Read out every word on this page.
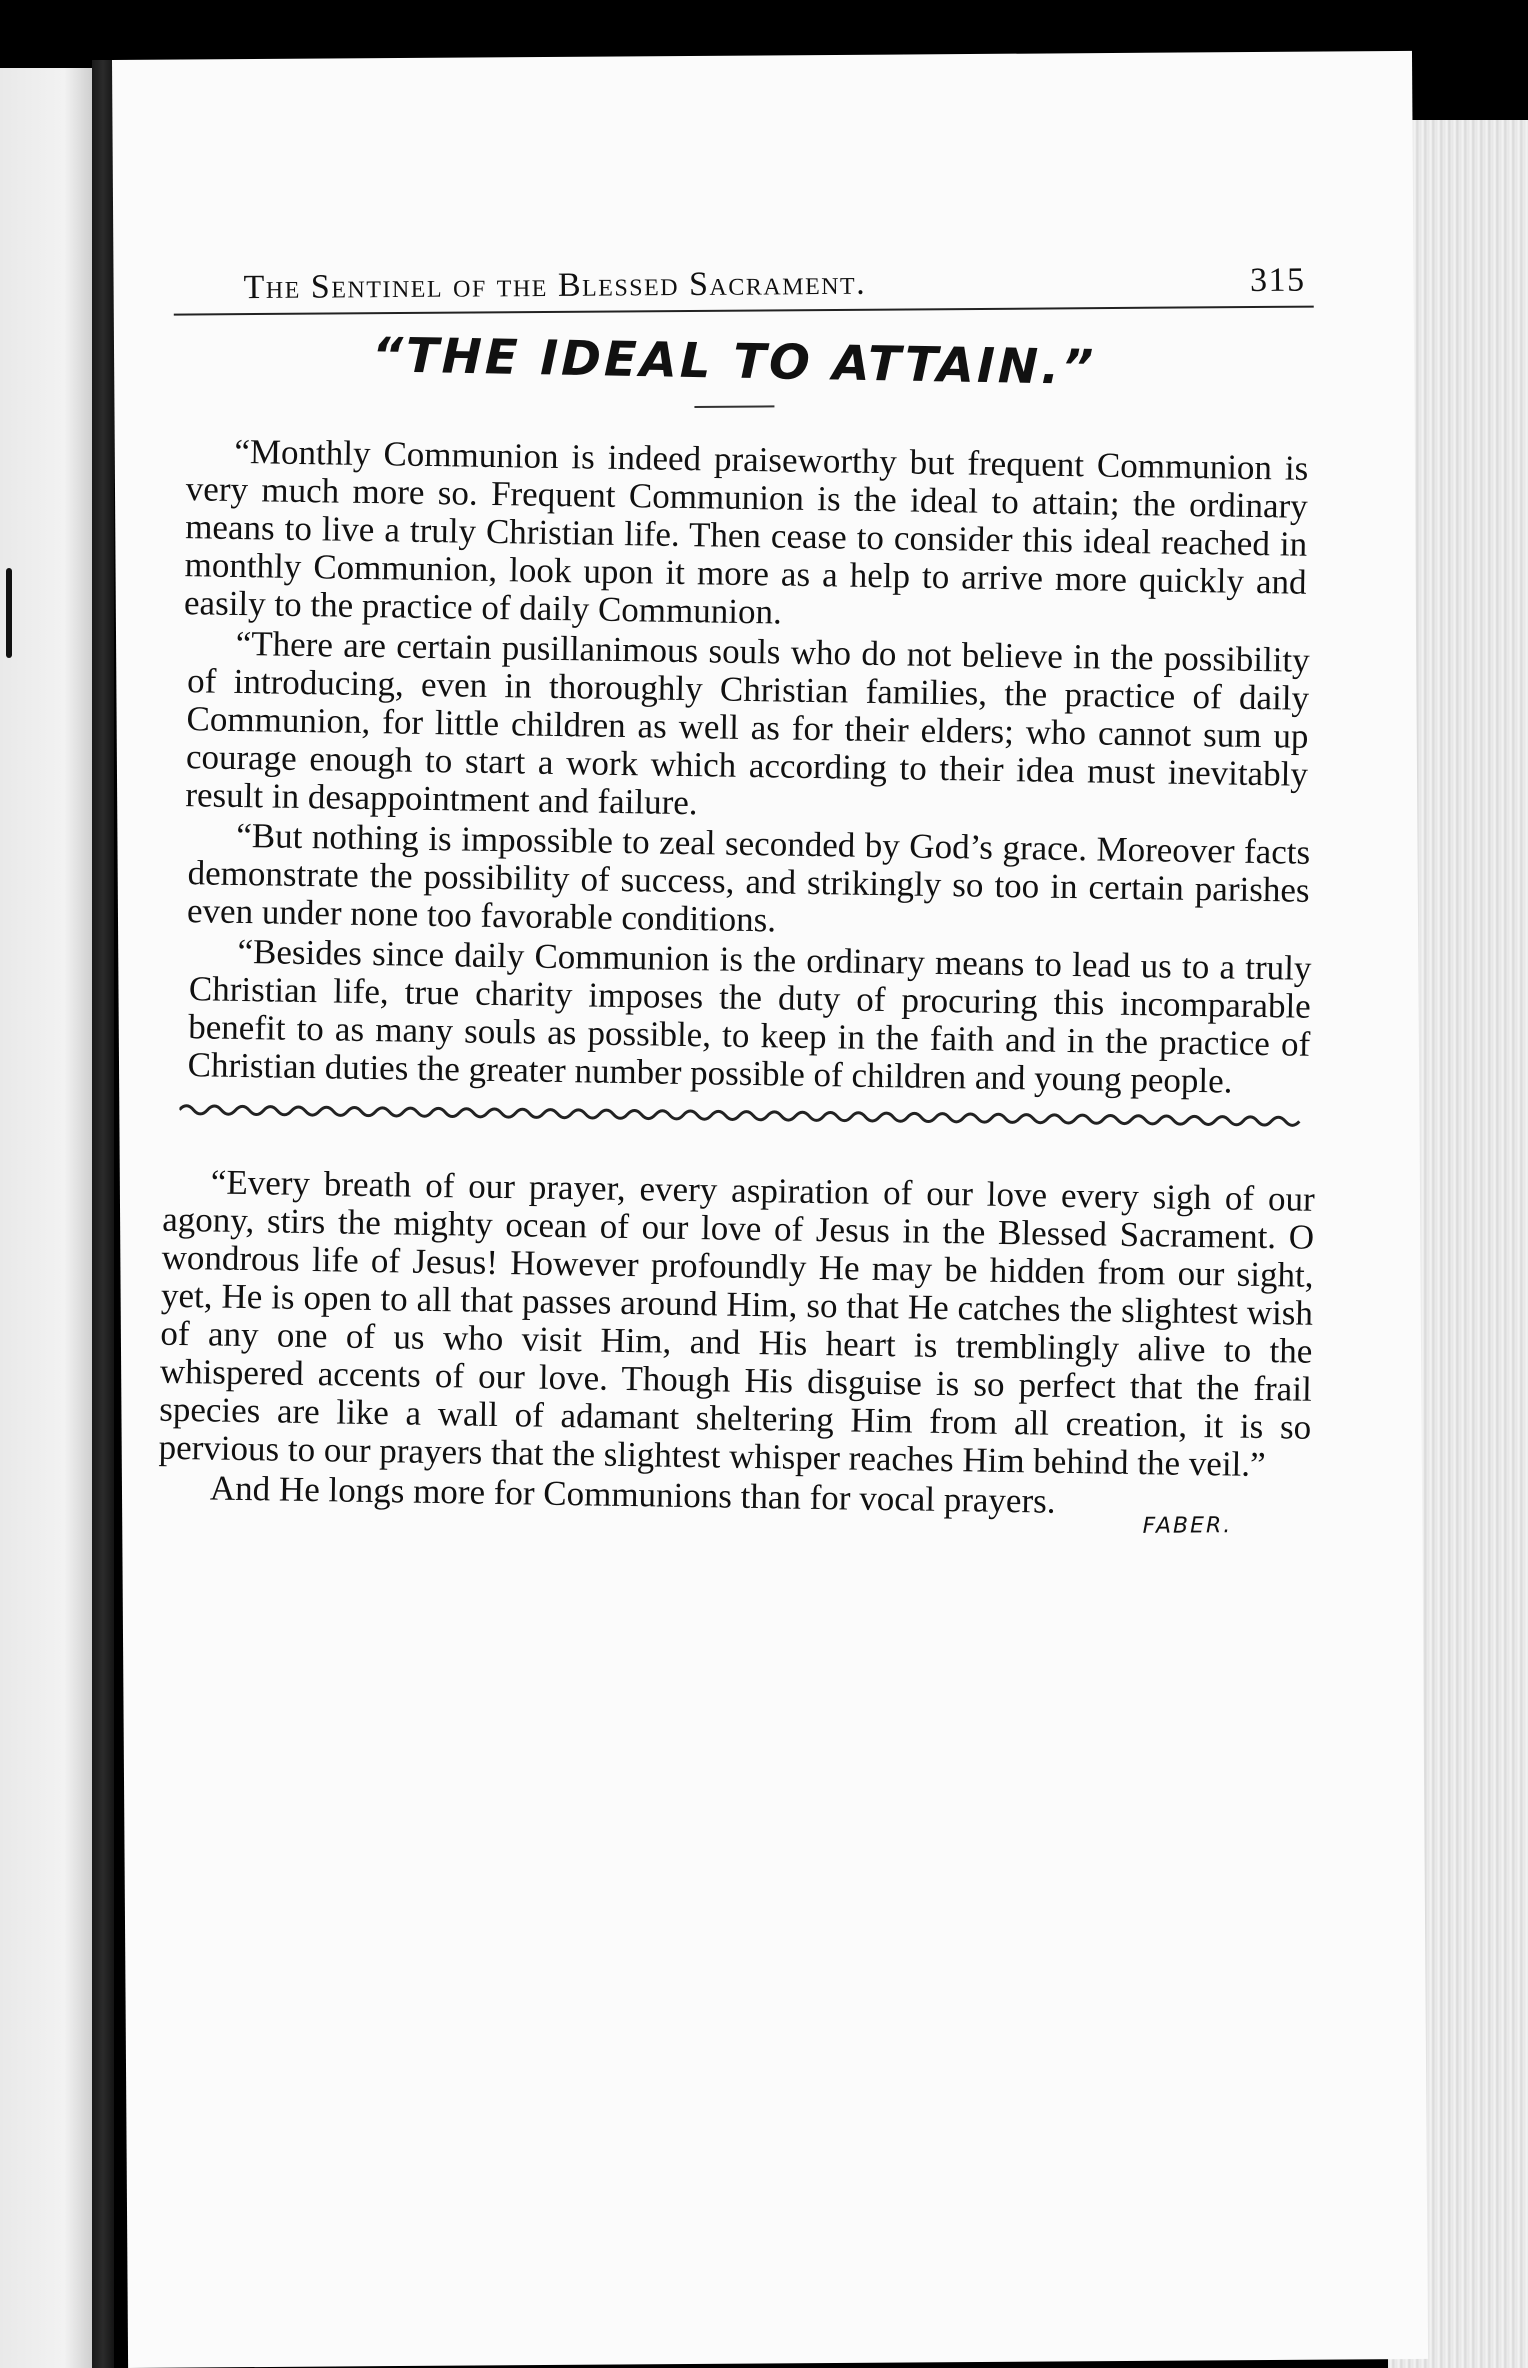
The Sentinel of the Blessed Sacrament.	315
“THE IDEAL TO ATTAIN.”

“Monthly Communion is indeed praiseworthy but frequent Communion is very much more so. Frequent Communion is the ideal to attain; the ordinary means to live a truly Christian life. Then cease to consider this ideal reached in monthly Communion, look upon it more as a help to arrive more quickly and easily to the practice of daily Communion.

“There are certain pusillanimous souls who do not believe in the possibility of introducing, even in thoroughly Christian families, the practice of daily Communion, for little children as well as for their elders; who cannot sum up courage enough to start a work which according to their idea must inevitably result in desappointment and failure.

“But nothing is impossible to zeal seconded by God’s grace. Moreover facts demonstrate the possibility of success, and strikingly so too in certain parishes even under none too favorable conditions.

“Besides since daily Communion is the ordinary means to lead us to a truly Christian life, true charity imposes the duty of procuring this incomparable benefit to as many souls as possible, to keep in the faith and in the practice of Christian duties the greater number possible of children and young people.

“Every breath of our prayer, every aspiration of our love every sigh of our agony, stirs the mighty ocean of our love of Jesus in the Blessed Sacrament. O wondrous life of Jesus! However profoundly He may be hidden from our sight, yet, He is open to all that passes around Him, so that He catches the slightest wish of any one of us who visit Him, and His heart is tremblingly alive to the whispered accents of our love. Though His disguise is so perfect that the frail species are like a wall of adamant sheltering Him from all creation, it is so pervious to our prayers that the slightest whisper reaches Him behind the veil.”

And He longs more for Communions than for vocal prayers.

FABER.
